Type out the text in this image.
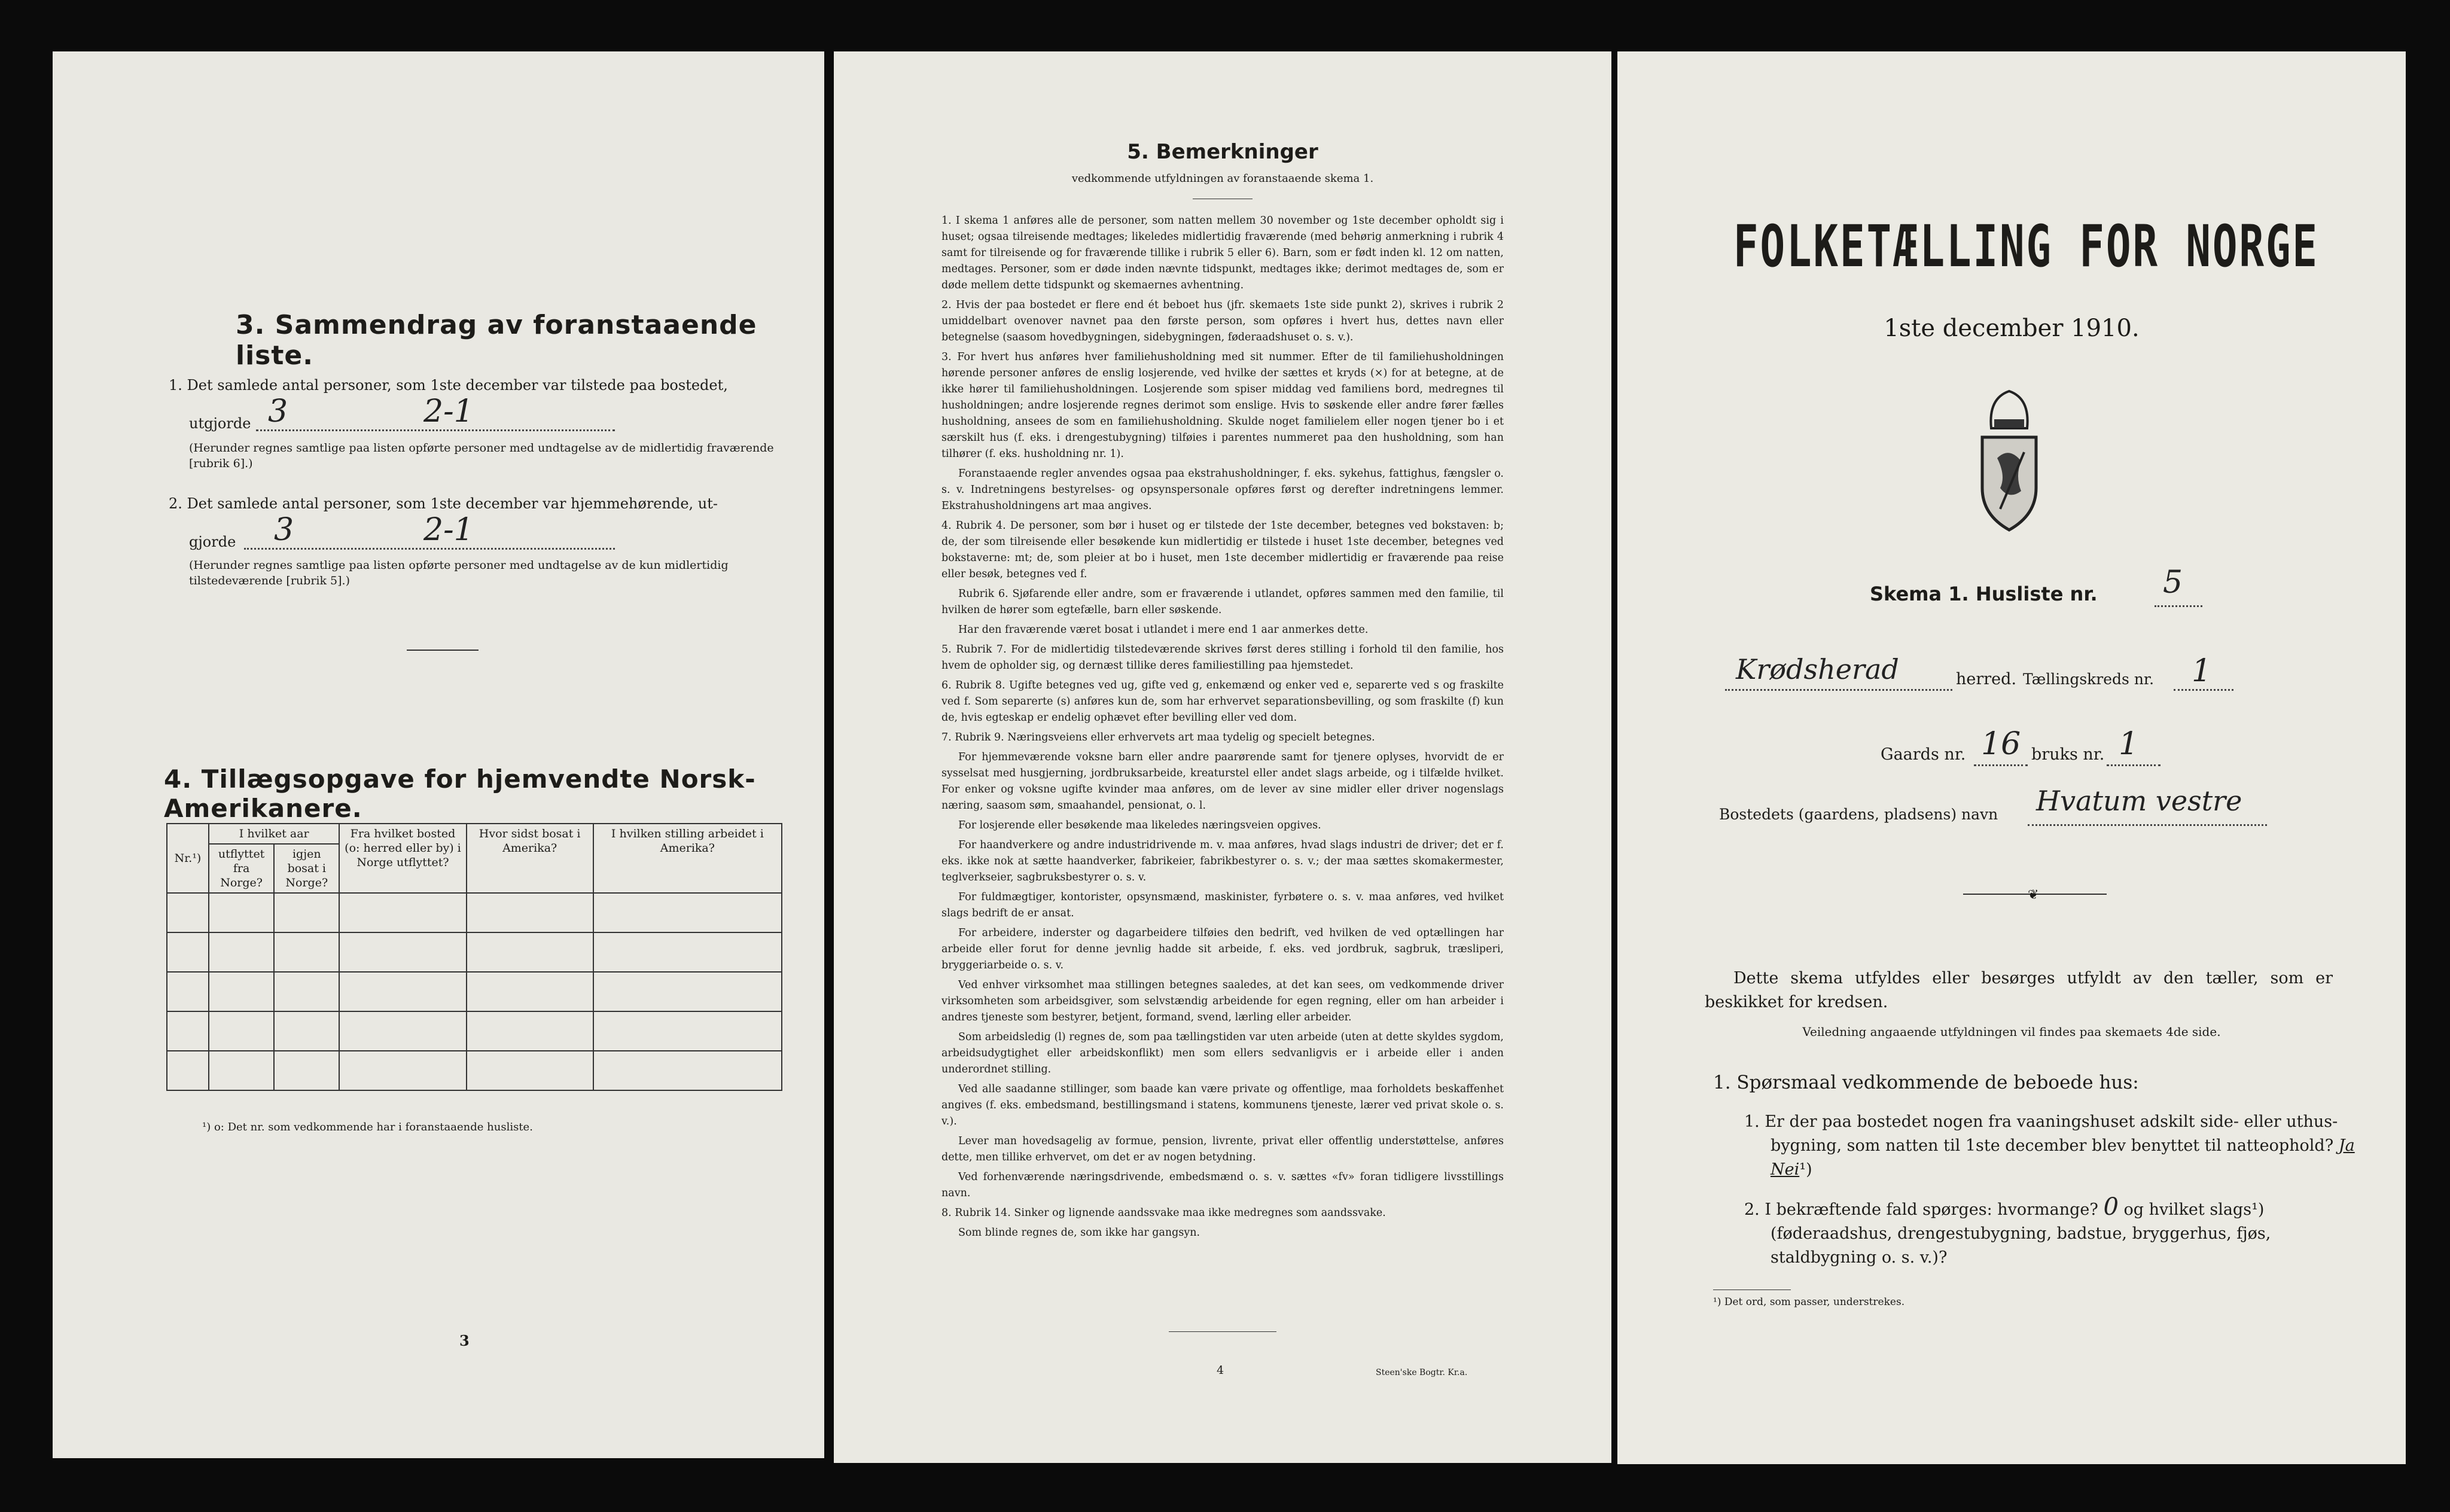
3. Sammendrag av foranstaaende liste.
1. Det samlede antal personer, som 1ste december var tilstede paa bostedet,
utgjorde 3	2-1
(Herunder regnes samtlige paa listen opførte personer med undtagelse av de midlertidig fraværende [rubrik 6].)
2. Det samlede antal personer, som 1ste december var hjemmehørende, ut-
gjorde 3	2-1
(Herunder regnes samtlige paa listen opførte personer med undtagelse av de kun midlertidig tilstedeværende [rubrik 5].)
4. Tillægsopgave for hjemvendte Norsk-Amerikanere.
Nr.¹)	I hvilket aar		Fra hvilket bosted (o: herred eller by) i Norge utflyttet?	Hvor sidst bosat i Amerika?	I hvilken stilling arbeidet i Amerika?
	utflyttet fra Norge?	igjen bosat i Norge?			

¹) o: Det nr. som vedkommende har i foranstaaende husliste.
3
5. Bemerkninger
vedkommende utfyldningen av foranstaaende skema 1.

1. I skema 1 anføres alle de personer, som natten mellem 30 november og 1ste december opholdt sig i huset; ogsaa tilreisende medtages; likeledes midlertidig fraværende (med behørig anmerkning i rubrik 4 samt for tilreisende og for fraværende tillike i rubrik 5 eller 6). Barn, som er født inden kl. 12 om natten, medtages. Personer, som er døde inden nævnte tidspunkt, medtages ikke; derimot medtages de, som er døde mellem dette tidspunkt og skemaernes avhentning.

2. Hvis der paa bostedet er flere end ét beboet hus (jfr. skemaets 1ste side punkt 2), skrives i rubrik 2 umiddelbart ovenover navnet paa den første person, som opføres i hvert hus, dettes navn eller betegnelse (saasom hovedbygningen, sidebygningen, føderaadshuset o. s. v.).

3. For hvert hus anføres hver familiehusholdning med sit nummer. Efter de til familiehusholdningen hørende personer anføres de enslig losjerende, ved hvilke der sættes et kryds (×) for at betegne, at de ikke hører til familiehusholdningen. Losjerende som spiser middag ved familiens bord, medregnes til husholdningen; andre losjerende regnes derimot som enslige. Hvis to søskende eller andre fører fælles husholdning, ansees de som en familiehusholdning. Skulde noget familielem eller nogen tjener bo i et særskilt hus (f. eks. i drengestubygning) tilføies i parentes nummeret paa den husholdning, som han tilhører (f. eks. husholdning nr. 1).

Foranstaaende regler anvendes ogsaa paa ekstrahusholdninger, f. eks. sykehus, fattighus, fængsler o. s. v. Indretningens bestyrelses- og opsynspersonale opføres først og derefter indretningens lemmer. Ekstrahusholdningens art maa angives.

4. Rubrik 4. De personer, som bør i huset og er tilstede der 1ste december, betegnes ved bokstaven: b; de, der som tilreisende eller besøkende kun midlertidig er tilstede i huset 1ste december, betegnes ved bokstaverne: mt; de, som pleier at bo i huset, men 1ste december midlertidig er fraværende paa reise eller besøk, betegnes ved f.

Rubrik 6. Sjøfarende eller andre, som er fraværende i utlandet, opføres sammen med den familie, til hvilken de hører som egtefælle, barn eller søskende.

Har den fraværende været bosat i utlandet i mere end 1 aar anmerkes dette.

5. Rubrik 7. For de midlertidig tilstedeværende skrives først deres stilling i forhold til den familie, hos hvem de opholder sig, og dernæst tillike deres familiestilling paa hjemstedet.

6. Rubrik 8. Ugifte betegnes ved ug, gifte ved g, enkemænd og enker ved e, separerte ved s og fraskilte ved f. Som separerte (s) anføres kun de, som har erhvervet separationsbevilling, og som fraskilte (f) kun de, hvis egteskap er endelig ophævet efter bevilling eller ved dom.

7. Rubrik 9. Næringsveiens eller erhvervets art maa tydelig og specielt betegnes.

For hjemmeværende voksne barn eller andre paarørende samt for tjenere oplyses, hvorvidt de er sysselsat med husgjerning, jordbruksarbeide, kreaturstel eller andet slags arbeide, og i tilfælde hvilket. For enker og voksne ugifte kvinder maa anføres, om de lever av sine midler eller driver nogenslags næring, saasom søm, smaahandel, pensionat, o. l.

For losjerende eller besøkende maa likeledes næringsveien opgives.

For haandverkere og andre industridrivende m. v. maa anføres, hvad slags industri de driver; det er f. eks. ikke nok at sætte haandverker, fabrikeier, fabrikbestyrer o. s. v.; der maa sættes skomakermester, teglverkseier, sagbruksbestyrer o. s. v.

For fuldmægtiger, kontorister, opsynsmænd, maskinister, fyrbøtere o. s. v. maa anføres, ved hvilket slags bedrift de er ansat.

For arbeidere, inderster og dagarbeidere tilføies den bedrift, ved hvilken de ved optællingen har arbeide eller forut for denne jevnlig hadde sit arbeide, f. eks. ved jordbruk, sagbruk, træsliperi, bryggeriarbeide o. s. v.

Ved enhver virksomhet maa stillingen betegnes saaledes, at det kan sees, om vedkommende driver virksomheten som arbeidsgiver, som selvstændig arbeidende for egen regning, eller om han arbeider i andres tjeneste som bestyrer, betjent, formand, svend, lærling eller arbeider.

Som arbeidsledig (l) regnes de, som paa tællingstiden var uten arbeide (uten at dette skyldes sygdom, arbeidsudygtighet eller arbeidskonflikt) men som ellers sedvanligvis er i arbeide eller i anden underordnet stilling.

Ved alle saadanne stillinger, som baade kan være private og offentlige, maa forholdets beskaffenhet angives (f. eks. embedsmand, bestillingsmand i statens, kommunens tjeneste, lærer ved privat skole o. s. v.).

Lever man hovedsagelig av formue, pension, livrente, privat eller offentlig understøttelse, anføres dette, men tillike erhvervet, om det er av nogen betydning.

Ved forhenværende næringsdrivende, embedsmænd o. s. v. sættes «fv» foran tidligere livsstillings navn.

8. Rubrik 14. Sinker og lignende aandssvake maa ikke medregnes som aandssvake.

Som blinde regnes de, som ikke har gangsyn.

4	Steen'ske Bogtr. Kr.a.
FOLKETÆLLING FOR NORGE
1ste december 1910.
Skema 1. Husliste nr. 5
Krødsherad	herred. Tællingskreds nr. 1
Gaards nr. 16 bruks nr. 1
Bostedets (gaardens, pladsens) navn Hvatum vestre
❦
Dette skema utfyldes eller besørges utfyldt av den tæller, som er beskikket for kredsen.
Veiledning angaaende utfyldningen vil findes paa skemaets 4de side.
1. Spørsmaal vedkommende de beboede hus:
1. Er der paa bostedet nogen fra vaaningshuset adskilt side- eller uthus-bygning, som natten til 1ste december blev benyttet til natteophold? Ja Nei¹)
2. I bekræftende fald spørges: hvormange? 0 og hvilket slags¹) (føderaadshus, drengestubygning, badstue, bryggerhus, fjøs, staldbygning o. s. v.)?
¹) Det ord, som passer, understrekes.
